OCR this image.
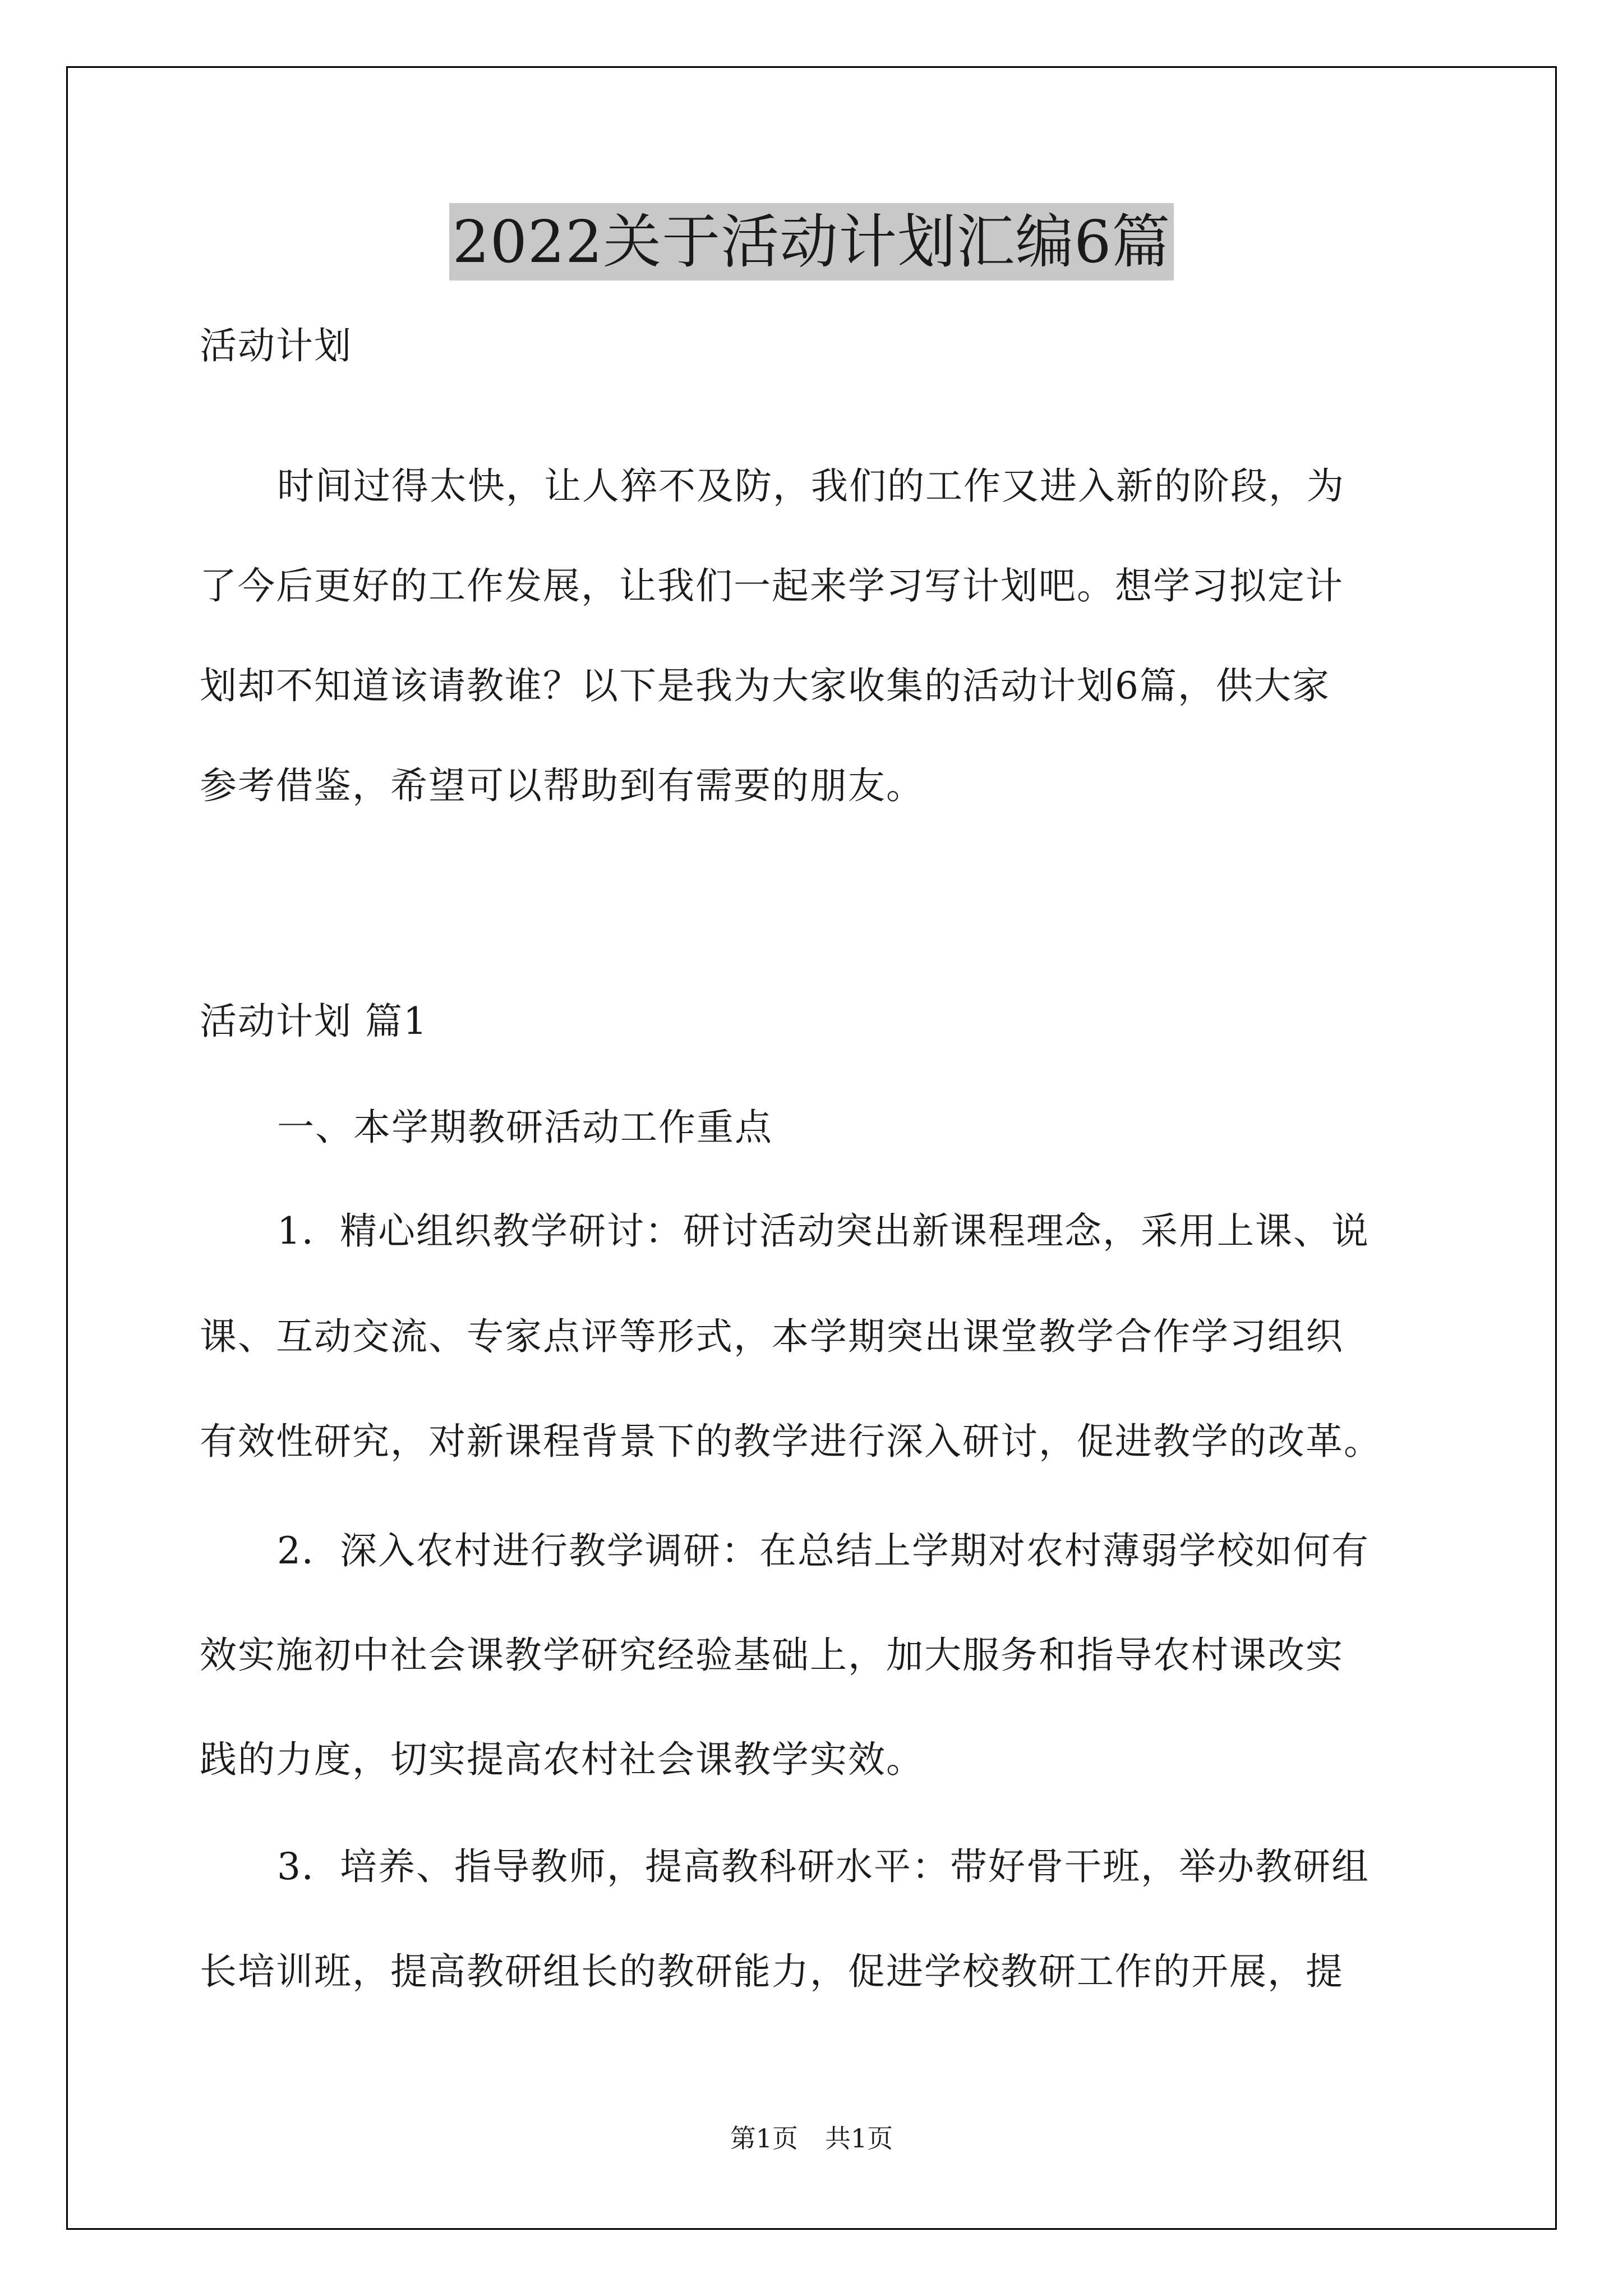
2022关于活动计划汇编6篇
活动计划
时间过得太快，让人猝不及防，我们的工作又进入新的阶段，为
了今后更好的工作发展，让我们一起来学习写计划吧。想学习拟定计
划却不知道该请教谁？以下是我为大家收集的活动计划6篇，供大家
参考借鉴，希望可以帮助到有需要的朋友。
活动计划 篇1
一、本学期教研活动工作重点
1．精心组织教学研讨：研讨活动突出新课程理念，采用上课、说
课、互动交流、专家点评等形式，本学期突出课堂教学合作学习组织
有效性研究，对新课程背景下的教学进行深入研讨，促进教学的改革。
2．深入农村进行教学调研：在总结上学期对农村薄弱学校如何有
效实施初中社会课教学研究经验基础上，加大服务和指导农村课改实
践的力度，切实提高农村社会课教学实效。
3．培养、指导教师，提高教科研水平：带好骨干班，举办教研组
长培训班，提高教研组长的教研能力，促进学校教研工作的开展，提
第1页 共1页
